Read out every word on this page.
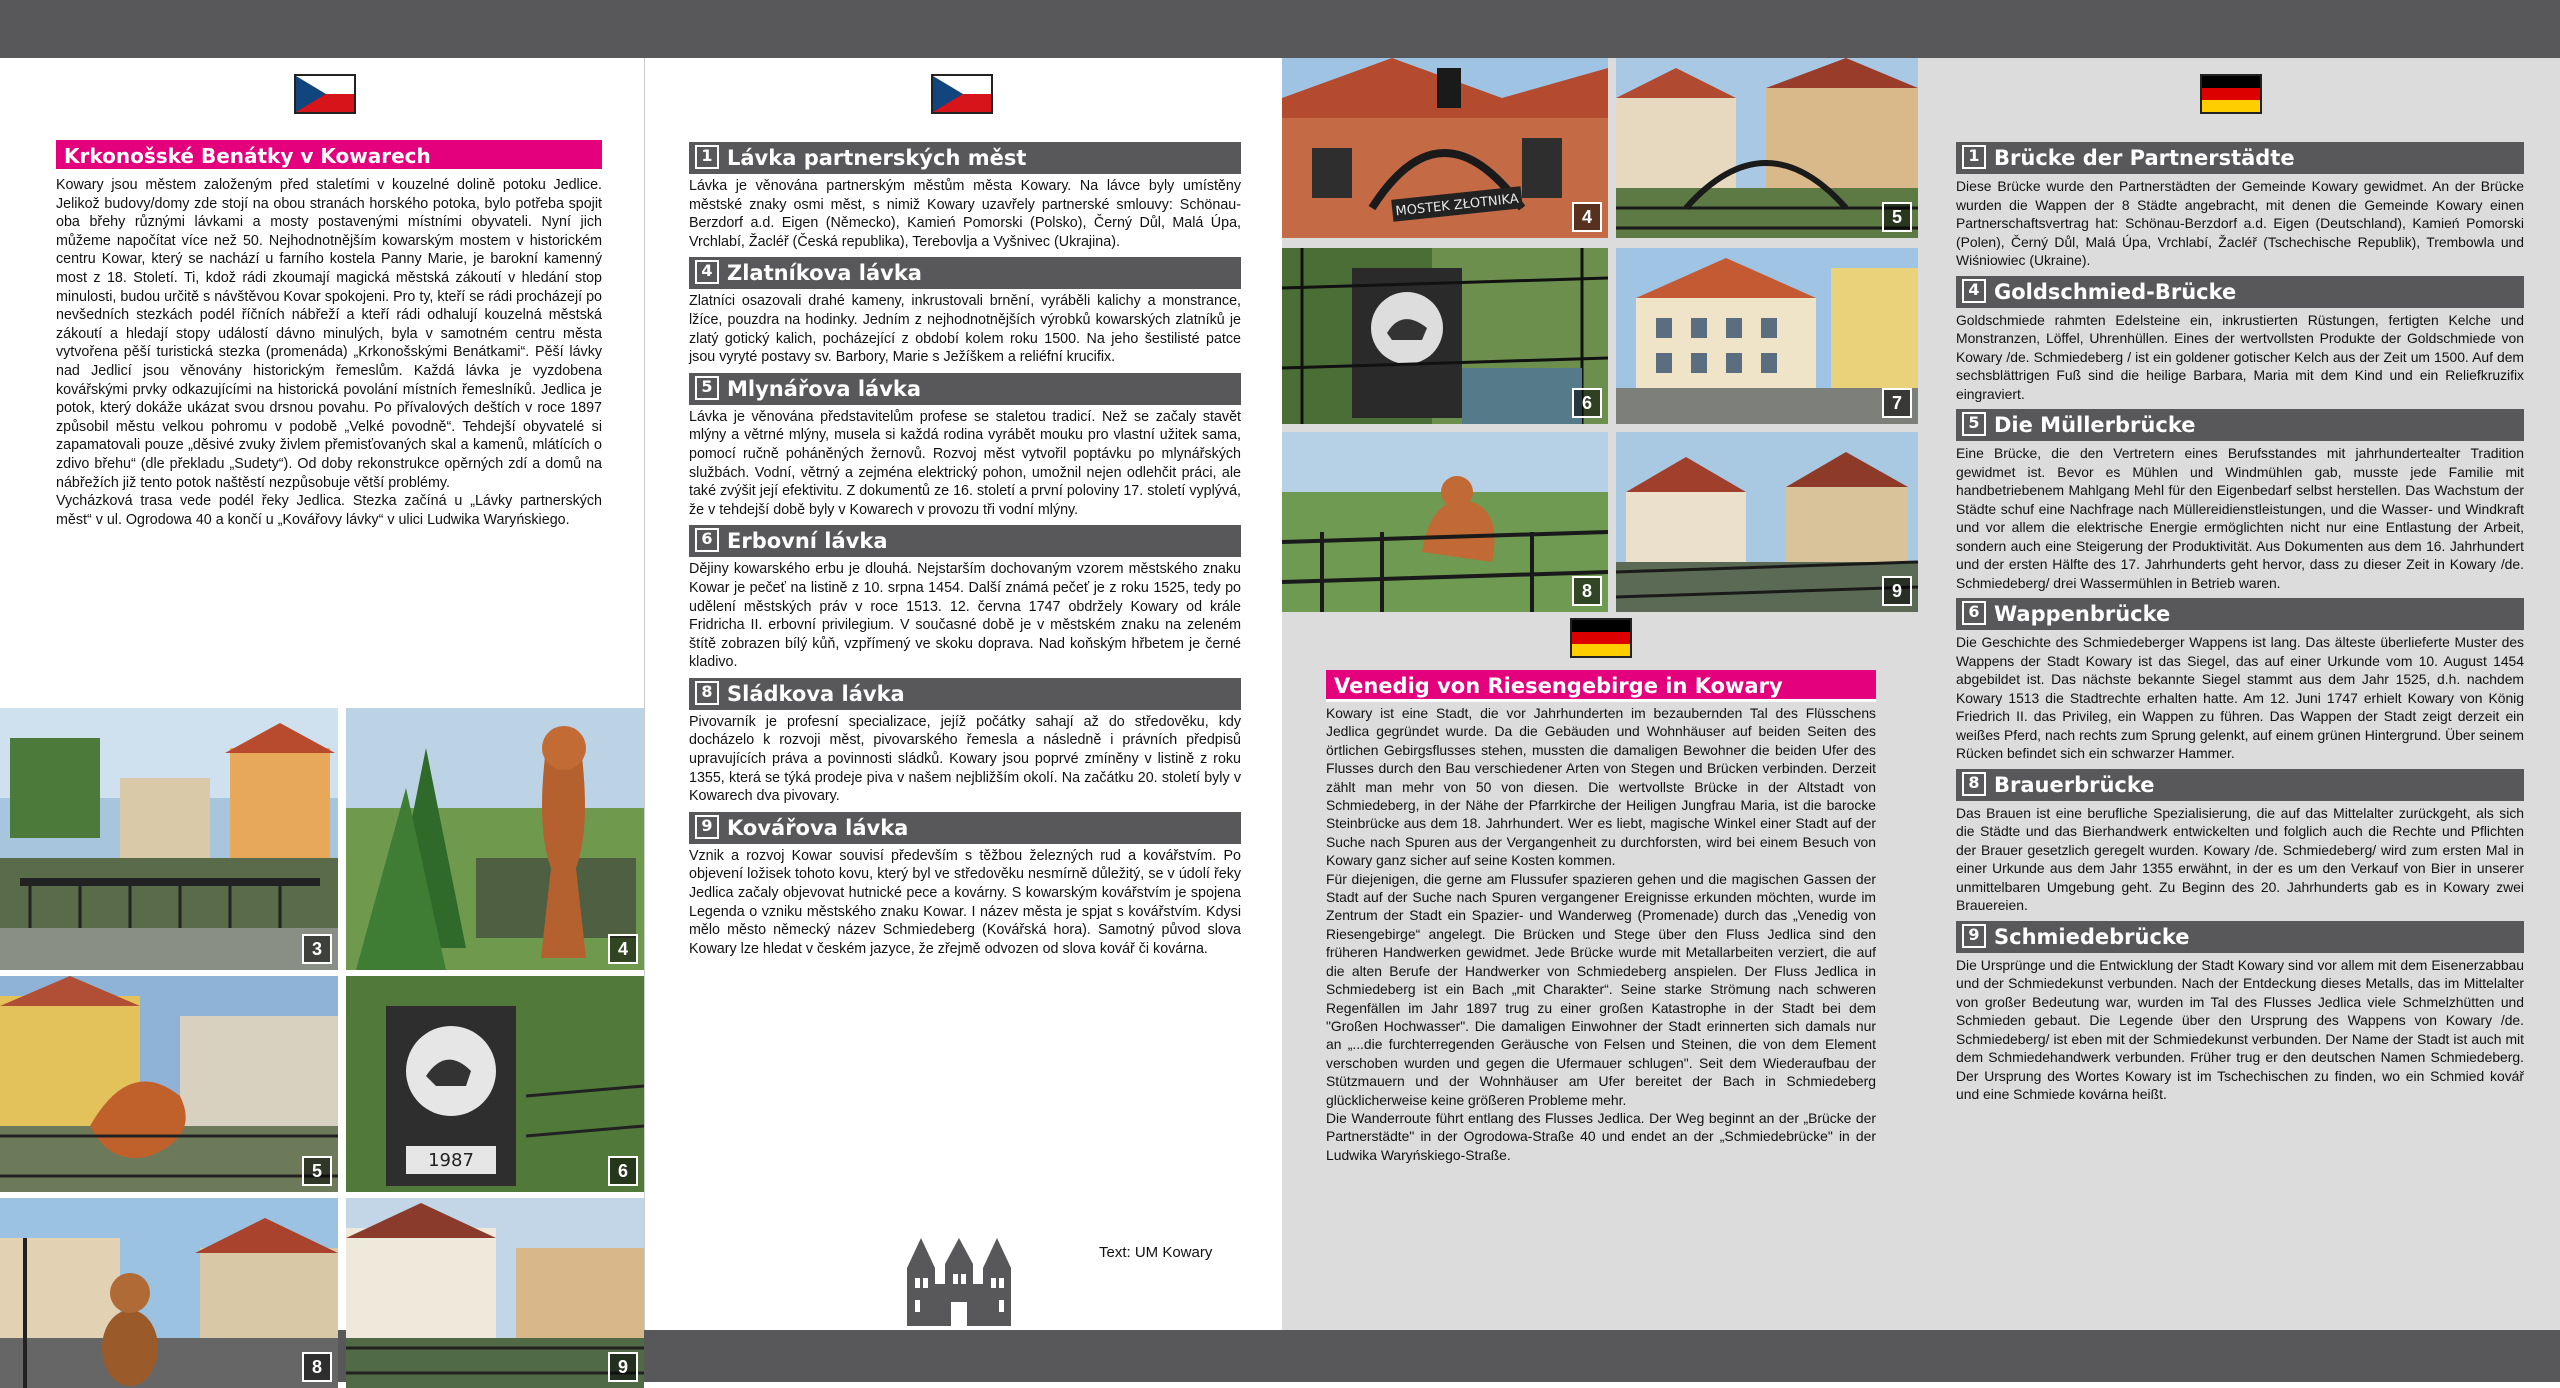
Krkonošské Benátky v Kowarech
Kowary jsou městem založeným před staletími v kouzelné dolině potoku Jedlice. Jelikož budovy/domy zde stojí na obou stranách horského potoka, bylo potřeba spojit oba břehy různými lávkami a mosty postavenými místními obyvateli. Nyní jich můžeme napočítat více než 50. Nejhodnotnějším kowarským mostem v historickém centru Kowar, který se nachází u farního kostela Panny Marie, je barokní kamenný most z 18. Století. Ti, kdož rádi zkoumají magická městská zákoutí v hledání stop minulosti, budou určitě s návštěvou Kovar spokojeni. Pro ty, kteří se rádi procházejí po nevšedních stezkách podél říčních nábřeží a kteří rádi odhalují kouzelná městská zákoutí a hledají stopy událostí dávno minulých, byla v samotném centru města vytvořena pěší turistická stezka (promenáda) „Krkonošskými Benátkami“. Pěší lávky nad Jedlicí jsou věnovány historickým řemeslům. Každá lávka je vyzdobena kovářskými prvky odkazujícími na historická povolání místních řemeslníků. Jedlica je potok, který dokáže ukázat svou drsnou povahu. Po přívalových deštích v roce 1897 způsobil městu velkou pohromu v podobě „Velké povodně“. Tehdejší obyvatelé si zapamatovali pouze „děsivé zvuky živlem přemisťovaných skal a kamenů, mlátících o zdivo břehu“ (dle překladu „Sudety“). Od doby rekonstrukce opěrných zdí a domů na nábřežích již tento potok naštěstí nezpůsobuje větší problémy.
Vycházková trasa vede podél řeky Jedlica. Stezka začíná u „Lávky partnerských měst“ v ul. Ogrodowa 40 a končí u „Kovářovy lávky“ v ulici Ludwika Waryńskiego.
3	4
5	1987	6
8	9
1 Lávka partnerských měst
Lávka je věnována partnerským městům města Kowary. Na lávce byly umístěny městské znaky osmi měst, s nimiž Kowary uzavřely partnerské smlouvy: Schönau-Berzdorf a.d. Eigen (Německo), Kamień Pomorski (Polsko), Černý Důl, Malá Úpa, Vrchlabí, Žacléř (Česká republika), Terebovlja a Vyšnivec (Ukrajina).
4 Zlatníkova lávka
Zlatníci osazovali drahé kameny, inkrustovali brnění, vyráběli kalichy a monstrance, lžíce, pouzdra na hodinky. Jedním z nejhodnotnějších výrobků kowarských zlatníků je zlatý gotický kalich, pocházející z období kolem roku 1500. Na jeho šestilisté patce jsou vyryté postavy sv. Barbory, Marie s Ježíškem a reliéfní krucifix.
5 Mlynářova lávka
Lávka je věnována představitelům profese se staletou tradicí. Než se začaly stavět mlýny a větrné mlýny, musela si každá rodina vyrábět mouku pro vlastní užitek sama, pomocí ručně poháněných žernovů. Rozvoj měst vytvořil poptávku po mlynářských službách. Vodní, větrný a zejména elektrický pohon, umožnil nejen odlehčit práci, ale také zvýšit její efektivitu. Z dokumentů ze 16. století a první poloviny 17. století vyplývá, že v tehdejší době byly v Kowarech v provozu tři vodní mlýny.
6 Erbovní lávka
Dějiny kowarského erbu je dlouhá. Nejstarším dochovaným vzorem městského znaku Kowar je pečeť na listině z 10. srpna 1454. Další známá pečeť je z roku 1525, tedy po udělení městských práv v roce 1513. 12. června 1747 obdržely Kowary od krále Fridricha II. erbovní privilegium. V současné době je v městském znaku na zeleném štítě zobrazen bílý kůň, vzpřímený ve skoku doprava. Nad koňským hřbetem je černé kladivo.
8 Sládkova lávka
Pivovarník je profesní specializace, jejíž počátky sahají až do středověku, kdy docházelo k rozvoji měst, pivovarského řemesla a následně i právních předpisů upravujících práva a povinnosti sládků. Kowary jsou poprvé zmíněny v listině z roku 1355, která se týká prodeje piva v našem nejbližším okolí. Na začátku 20. století byly v Kowarech dva pivovary.
9 Kovářova lávka
Vznik a rozvoj Kowar souvisí především s těžbou železných rud a kovářstvím. Po objevení ložisek tohoto kovu, který byl ve středověku nesmírně důležitý, se v údolí řeky Jedlica začaly objevovat hutnické pece a kovárny. S kowarským kovářstvím je spojena Legenda o vzniku městského znaku Kowar. I název města je spjat s kovářstvím. Kdysi mělo město německý název Schmiedeberg (Kovářská hora). Samotný původ slova Kowary lze hledat v českém jazyce, že zřejmě odvozen od slova kovář či kovárna.
Text: UM Kowary
MOSTEK ZŁOTNIKA	4	5
6	7
8	9
Venedig von Riesengebirge in Kowary
Kowary ist eine Stadt, die vor Jahrhunderten im bezaubernden Tal des Flüsschens Jedlica gegründet wurde. Da die Gebäuden und Wohnhäuser auf beiden Seiten des örtlichen Gebirgsflusses stehen, mussten die damaligen Bewohner die beiden Ufer des Flusses durch den Bau verschiedener Arten von Stegen und Brücken verbinden. Derzeit zählt man mehr von 50 von diesen. Die wertvollste Brücke in der Altstadt von Schmiedeberg, in der Nähe der Pfarrkirche der Heiligen Jungfrau Maria, ist die barocke Steinbrücke aus dem 18. Jahrhundert. Wer es liebt, magische Winkel einer Stadt auf der Suche nach Spuren aus der Vergangenheit zu durchforsten, wird bei einem Besuch von Kowary ganz sicher auf seine Kosten kommen.
Für diejenigen, die gerne am Flussufer spazieren gehen und die magischen Gassen der Stadt auf der Suche nach Spuren vergangener Ereignisse erkunden möchten, wurde im Zentrum der Stadt ein Spazier- und Wanderweg (Promenade) durch das „Venedig von Riesengebirge“ angelegt. Die Brücken und Stege über den Fluss Jedlica sind den früheren Handwerken gewidmet. Jede Brücke wurde mit Metallarbeiten verziert, die auf die alten Berufe der Handwerker von Schmiedeberg anspielen. Der Fluss Jedlica in Schmiedeberg ist ein Bach „mit Charakter“. Seine starke Strömung nach schweren Regenfällen im Jahr 1897 trug zu einer großen Katastrophe in der Stadt bei dem "Großen Hochwasser". Die damaligen Einwohner der Stadt erinnerten sich damals nur an „...die furchterregenden Geräusche von Felsen und Steinen, die von dem Element verschoben wurden und gegen die Ufermauer schlugen". Seit dem Wiederaufbau der Stützmauern und der Wohnhäuser am Ufer bereitet der Bach in Schmiedeberg glücklicherweise keine größeren Probleme mehr.
Die Wanderroute führt entlang des Flusses Jedlica. Der Weg beginnt an der „Brücke der Partnerstädte" in der Ogrodowa-Straße 40 und endet an der „Schmiedebrücke" in der Ludwika Waryńskiego-Straße.
1 Brücke der Partnerstädte
Diese Brücke wurde den Partnerstädten der Gemeinde Kowary gewidmet. An der Brücke wurden die Wappen der 8 Städte angebracht, mit denen die Gemeinde Kowary einen Partnerschaftsvertrag hat: Schönau-Berzdorf a.d. Eigen (Deutschland), Kamień Pomorski (Polen), Černý Důl, Malá Úpa, Vrchlabí, Žacléř (Tschechische Republik), Trembowla und Wiśniowiec (Ukraine).
4 Goldschmied-Brücke
Goldschmiede rahmten Edelsteine ein, inkrustierten Rüstungen, fertigten Kelche und Monstranzen, Löffel, Uhrenhüllen. Eines der wertvollsten Produkte der Goldschmiede von Kowary /de. Schmiedeberg / ist ein goldener gotischer Kelch aus der Zeit um 1500. Auf dem sechsblättrigen Fuß sind die heilige Barbara, Maria mit dem Kind und ein Reliefkruzifix eingraviert.
5 Die Müllerbrücke
Eine Brücke, die den Vertretern eines Berufsstandes mit jahrhundertealter Tradition gewidmet ist. Bevor es Mühlen und Windmühlen gab, musste jede Familie mit handbetriebenem Mahlgang Mehl für den Eigenbedarf selbst herstellen. Das Wachstum der Städte schuf eine Nachfrage nach Müllereidienstleistungen, und die Wasser- und Windkraft und vor allem die elektrische Energie ermöglichten nicht nur eine Entlastung der Arbeit, sondern auch eine Steigerung der Produktivität. Aus Dokumenten aus dem 16. Jahrhundert und der ersten Hälfte des 17. Jahrhunderts geht hervor, dass zu dieser Zeit in Kowary /de. Schmiedeberg/ drei Wassermühlen in Betrieb waren.
6 Wappenbrücke
Die Geschichte des Schmiedeberger Wappens ist lang. Das älteste überlieferte Muster des Wappens der Stadt Kowary ist das Siegel, das auf einer Urkunde vom 10. August 1454 abgebildet ist. Das nächste bekannte Siegel stammt aus dem Jahr 1525, d.h. nachdem Kowary 1513 die Stadtrechte erhalten hatte. Am 12. Juni 1747 erhielt Kowary von König Friedrich II. das Privileg, ein Wappen zu führen. Das Wappen der Stadt zeigt derzeit ein weißes Pferd, nach rechts zum Sprung gelenkt, auf einem grünen Hintergrund. Über seinem Rücken befindet sich ein schwarzer Hammer.
8 Brauerbrücke
Das Brauen ist eine berufliche Spezialisierung, die auf das Mittelalter zurückgeht, als sich die Städte und das Bierhandwerk entwickelten und folglich auch die Rechte und Pflichten der Brauer gesetzlich geregelt wurden. Kowary /de. Schmiedeberg/ wird zum ersten Mal in einer Urkunde aus dem Jahr 1355 erwähnt, in der es um den Verkauf von Bier in unserer unmittelbaren Umgebung geht. Zu Beginn des 20. Jahrhunderts gab es in Kowary zwei Brauereien.
9 Schmiedebrücke
Die Ursprünge und die Entwicklung der Stadt Kowary sind vor allem mit dem Eisenerzabbau und der Schmiedekunst verbunden. Nach der Entdeckung dieses Metalls, das im Mittelalter von großer Bedeutung war, wurden im Tal des Flusses Jedlica viele Schmelzhütten und Schmieden gebaut. Die Legende über den Ursprung des Wappens von Kowary /de. Schmiedeberg/ ist eben mit der Schmiedekunst verbunden. Der Name der Stadt ist auch mit dem Schmiedehandwerk verbunden. Früher trug er den deutschen Namen Schmiedeberg. Der Ursprung des Wortes Kowary ist im Tschechischen zu finden, wo ein Schmied kovář und eine Schmiede kovárna heißt.
